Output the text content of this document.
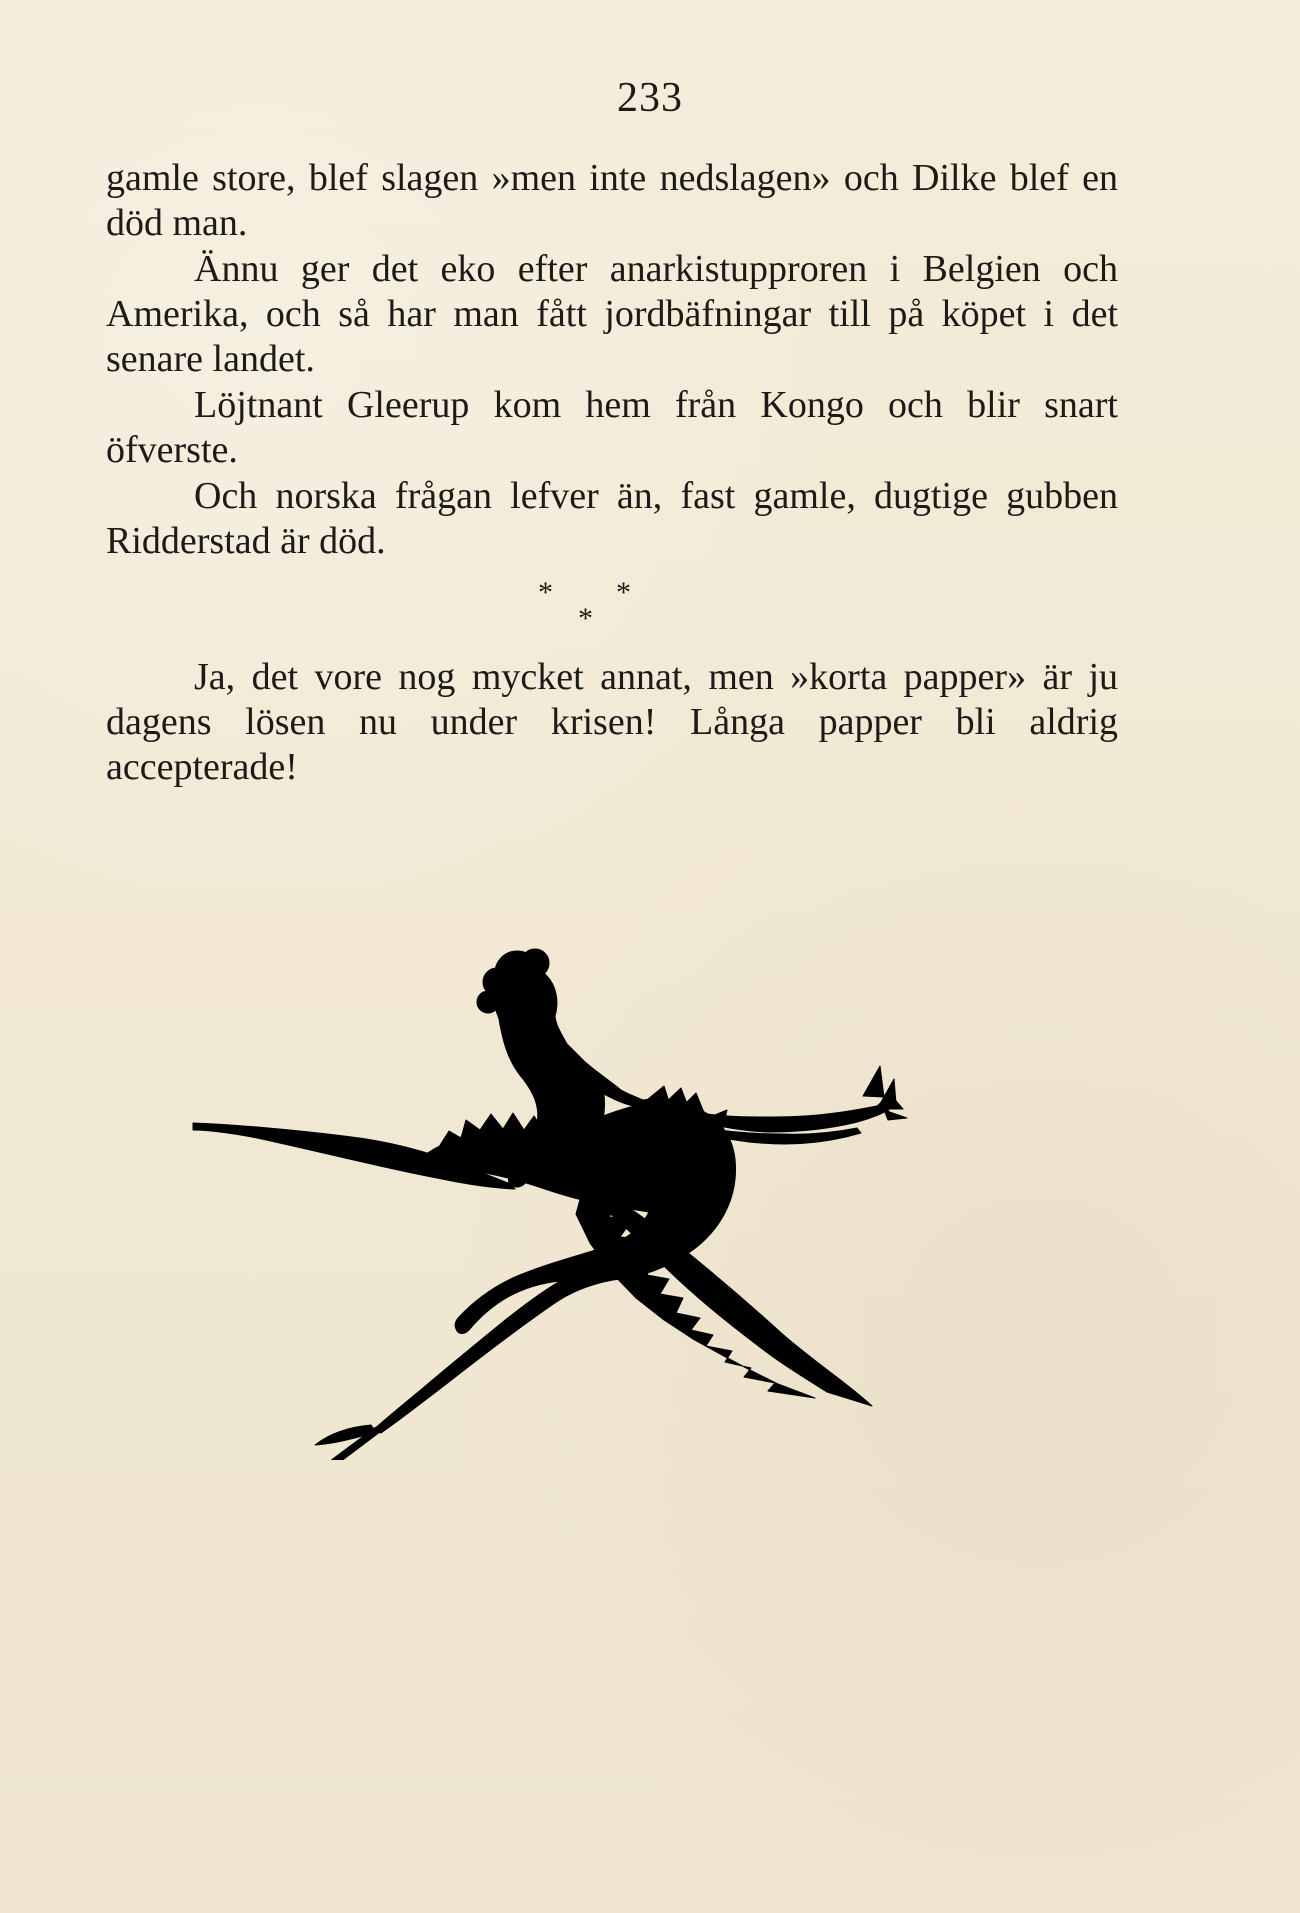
233

gamle store, blef slagen »men inte nedslagen» och Dilke blef en död man.

Ännu ger det eko efter anarkistupproren i Belgien och Amerika, och så har man fått jordbäfningar till på köpet i det senare landet.

Löjtnant Gleerup kom hem från Kongo och blir snart öfverste.

Och norska frågan lefver än, fast gamle, dugtige gubben Ridderstad är död.

* *
*

Ja, det vore nog mycket annat, men »korta papper» är ju dagens lösen nu under krisen! Långa papper bli aldrig accepterade!
